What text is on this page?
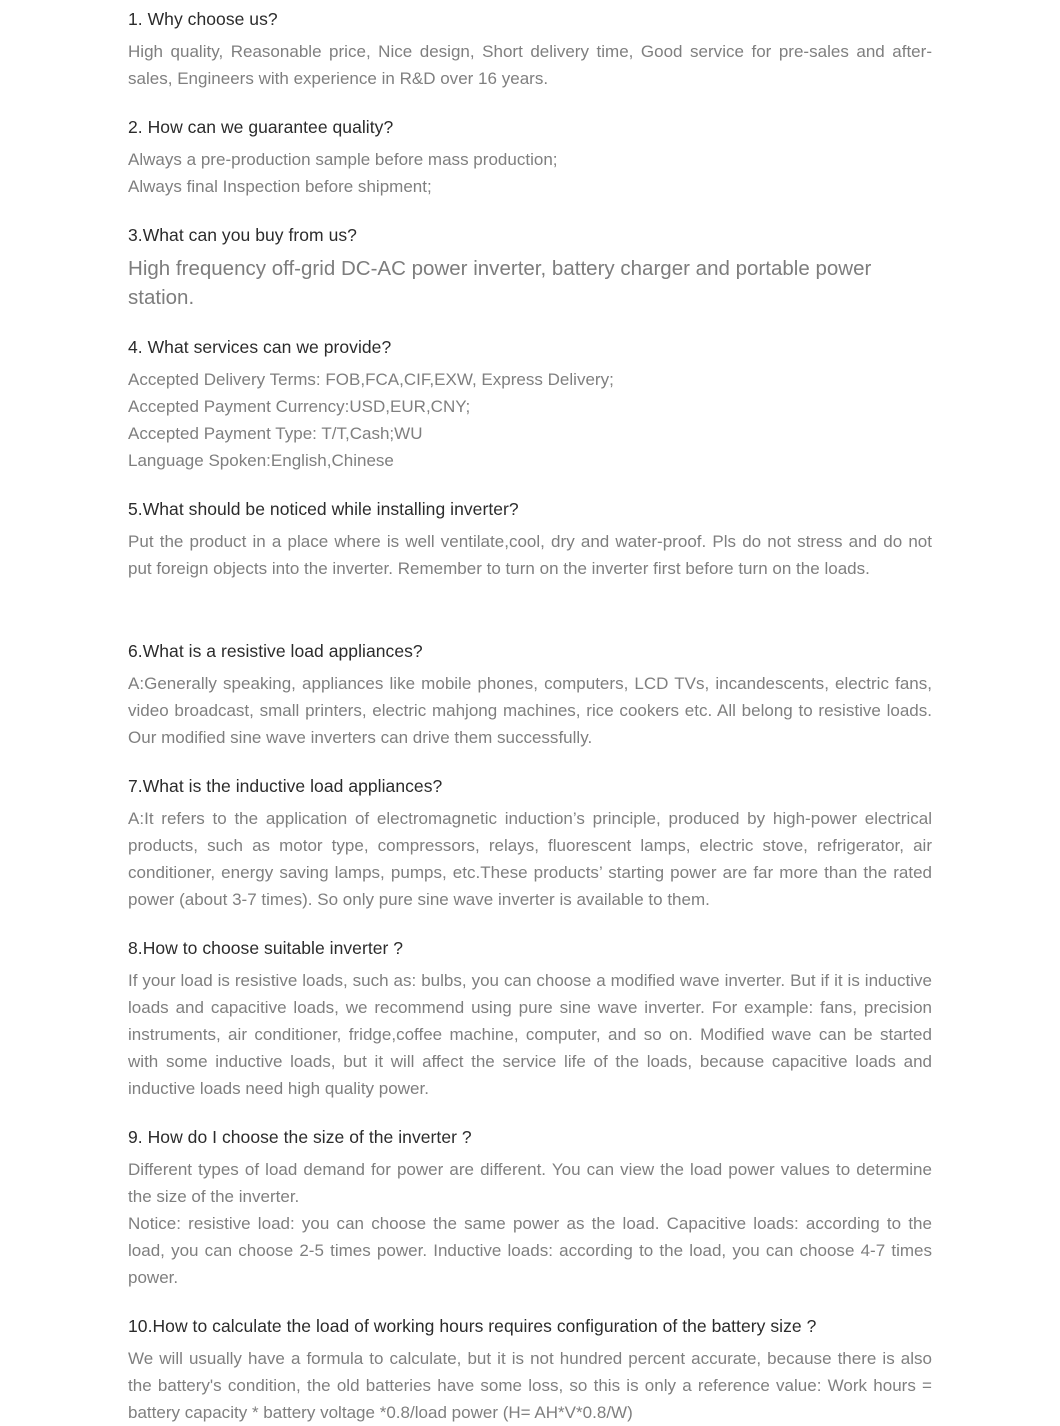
1. Why choose us?

High quality, Reasonable price, Nice design, Short delivery time, Good service for pre-sales and after-sales, Engineers with experience in R&D over 16 years.

2. How can we guarantee quality?

Always a pre-production sample before mass production;

Always final Inspection before shipment;

3.What can you buy from us?

High frequency off-grid DC-AC power inverter, battery charger and portable power station.

4. What services can we provide?

Accepted Delivery Terms: FOB,FCA,CIF,EXW, Express Delivery;

Accepted Payment Currency:USD,EUR,CNY;

Accepted Payment Type: T/T,Cash;WU

Language Spoken:English,Chinese

5.What should be noticed while installing inverter?

Put the product in a place where is well ventilate,cool, dry and water-proof. Pls do not stress and do not put foreign objects into the inverter. Remember to turn on the inverter first before turn on the loads.

6.What is a resistive load appliances?

A:Generally speaking, appliances like mobile phones, computers, LCD TVs, incandescents, electric fans, video broadcast, small printers, electric mahjong machines, rice cookers etc. All belong to resistive loads. Our modified sine wave inverters can drive them successfully.

7.What is the inductive load appliances?

A:It refers to the application of electromagnetic induction’s principle, produced by high-power electrical products, such as motor type, compressors, relays, fluorescent lamps, electric stove, refrigerator, air conditioner, energy saving lamps, pumps, etc.These products’ starting power are far more than the rated power (about 3-7 times). So only pure sine wave inverter is available to them.

8.How to choose suitable inverter ?

If your load is resistive loads, such as: bulbs, you can choose a modified wave inverter. But if it is inductive loads and capacitive loads, we recommend using pure sine wave inverter. For example: fans, precision instruments, air conditioner, fridge,coffee machine, computer, and so on. Modified wave can be started with some inductive loads, but it will affect the service life of the loads, because capacitive loads and inductive loads need high quality power.

9. How do I choose the size of the inverter ?

Different types of load demand for power are different. You can view the load power values to determine the size of the inverter.

Notice: resistive load: you can choose the same power as the load. Capacitive loads: according to the load, you can choose 2-5 times power. Inductive loads: according to the load, you can choose 4-7 times power.

10.How to calculate the load of working hours requires configuration of the battery size ?

We will usually have a formula to calculate, but it is not hundred percent accurate, because there is also the battery's condition, the old batteries have some loss, so this is only a reference value: Work hours = battery capacity * battery voltage *0.8/load power (H= AH*V*0.8/W)
